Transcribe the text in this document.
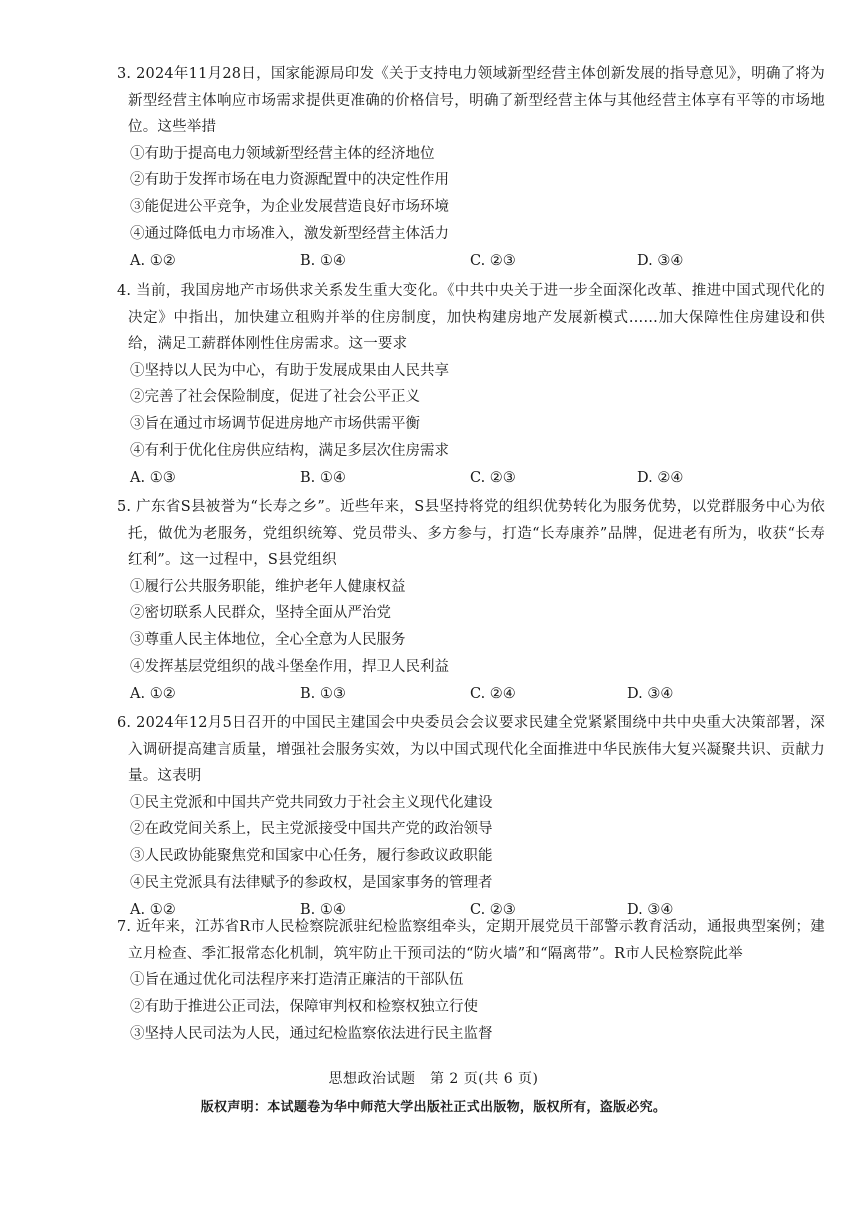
3. 2024年11月28日，国家能源局印发《关于支持电力领域新型经营主体创新发展的指导意见》，明确了将为新型经营主体响应市场需求提供更准确的价格信号，明确了新型经营主体与其他经营主体享有平等的市场地位。这些举措
①有助于提高电力领域新型经营主体的经济地位
②有助于发挥市场在电力资源配置中的决定性作用
③能促进公平竞争，为企业发展营造良好市场环境
④通过降低电力市场准入，激发新型经营主体活力
A. ①②	B. ①④	C. ②③	D. ③④
4. 当前，我国房地产市场供求关系发生重大变化。《中共中央关于进一步全面深化改革、推进中国式现代化的决定》中指出，加快建立租购并举的住房制度，加快构建房地产发展新模式……加大保障性住房建设和供给，满足工薪群体刚性住房需求。这一要求
①坚持以人民为中心，有助于发展成果由人民共享
②完善了社会保险制度，促进了社会公平正义
③旨在通过市场调节促进房地产市场供需平衡
④有利于优化住房供应结构，满足多层次住房需求
A. ①③	B. ①④	C. ②③	D. ②④
5. 广东省S县被誉为“长寿之乡”。近些年来，S县坚持将党的组织优势转化为服务优势，以党群服务中心为依托，做优为老服务，党组织统筹、党员带头、多方参与，打造“长寿康养”品牌，促进老有所为，收获“长寿红利”。这一过程中，S县党组织
①履行公共服务职能，维护老年人健康权益
②密切联系人民群众，坚持全面从严治党
③尊重人民主体地位，全心全意为人民服务
④发挥基层党组织的战斗堡垒作用，捍卫人民利益
A. ①②	B. ①③	C. ②④	D. ③④
6. 2024年12月5日召开的中国民主建国会中央委员会会议要求民建全党紧紧围绕中共中央重大决策部署，深入调研提高建言质量，增强社会服务实效，为以中国式现代化全面推进中华民族伟大复兴凝聚共识、贡献力量。这表明
①民主党派和中国共产党共同致力于社会主义现代化建设
②在政党间关系上，民主党派接受中国共产党的政治领导
③人民政协能聚焦党和国家中心任务，履行参政议政职能
④民主党派具有法律赋予的参政权，是国家事务的管理者
A. ①②	B. ①④	C. ②③	D. ③④
7. 近年来，江苏省R市人民检察院派驻纪检监察组牵头，定期开展党员干部警示教育活动，通报典型案例；建立月检查、季汇报常态化机制，筑牢防止干预司法的“防火墙”和“隔离带”。R市人民检察院此举
①旨在通过优化司法程序来打造清正廉洁的干部队伍
②有助于推进公正司法，保障审判权和检察权独立行使
③坚持人民司法为人民，通过纪检监察依法进行民主监督
思想政治试题　第 2 页(共 6 页)
版权声明：本试题卷为华中师范大学出版社正式出版物，版权所有，盗版必究。
